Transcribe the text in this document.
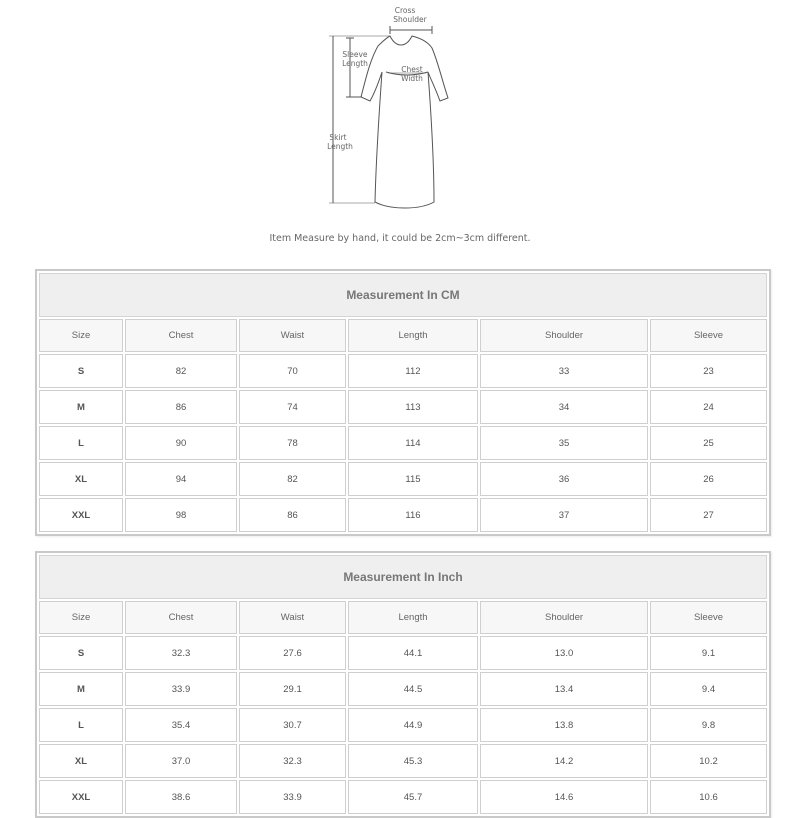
Cross
Shoulder
Sleeve
Length
Chest
Width
Skirt
Length
Item Measure by hand, it could be 2cm~3cm different.
Measurement In CM					
Size	Chest	Waist	Length	Shoulder	Sleeve
S	82	70	112	33	23
M	86	74	113	34	24
L	90	78	114	35	25
XL	94	82	115	36	26
XXL	98	86	116	37	27
Measurement In Inch					
Size	Chest	Waist	Length	Shoulder	Sleeve
S	32.3	27.6	44.1	13.0	9.1
M	33.9	29.1	44.5	13.4	9.4
L	35.4	30.7	44.9	13.8	9.8
XL	37.0	32.3	45.3	14.2	10.2
XXL	38.6	33.9	45.7	14.6	10.6
